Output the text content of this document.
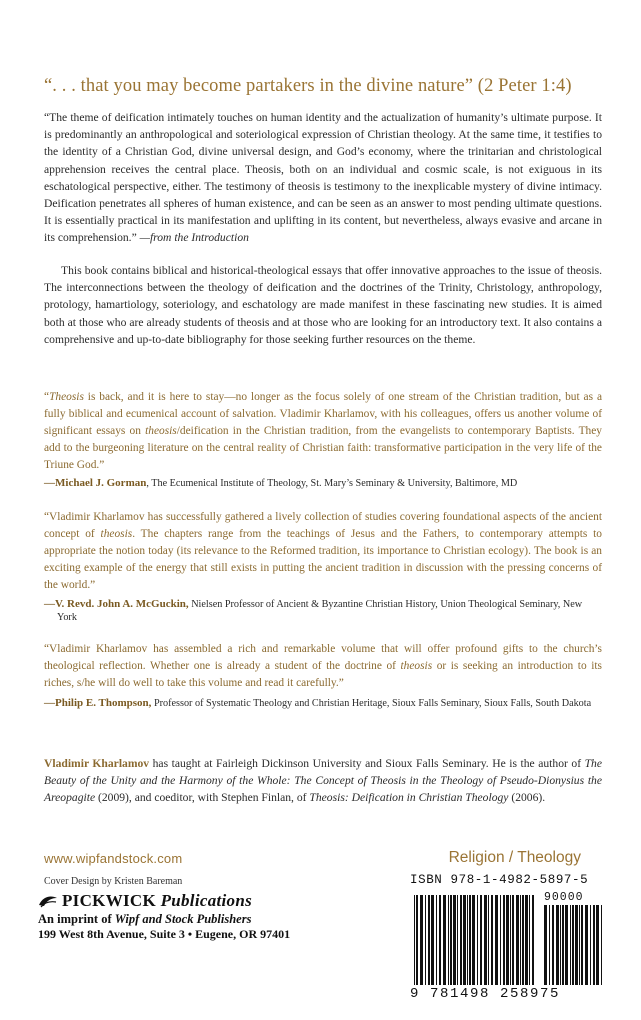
“. . . that you may become partakers in the divine nature” (2 Peter 1:4)
“The theme of deification intimately touches on human identity and the actualization of humanity’s ultimate purpose. It is predominantly an anthropological and soteriological expression of Christian theology. At the same time, it testifies to the identity of a Christian God, divine universal design, and God’s economy, where the trinitarian and christological apprehension receives the central place. Theosis, both on an individual and cosmic scale, is not exiguous in its eschatological perspective, either. The testimony of theosis is testimony to the inexplicable mystery of divine intimacy. Deification penetrates all spheres of human existence, and can be seen as an answer to most pending ultimate questions. It is essentially practical in its manifestation and uplifting in its content, but nevertheless, always evasive and arcane in its comprehension.” —from the Introduction
This book contains biblical and historical-theological essays that offer innovative approaches to the issue of theosis. The interconnections between the theology of deification and the doctrines of the Trinity, Christology, anthropology, protology, hamartiology, soteriology, and eschatology are made manifest in these fascinating new studies. It is aimed both at those who are already students of theosis and at those who are looking for an introductory text. It also contains a comprehensive and up-to-date bibliography for those seeking further resources on the theme.
“Theosis is back, and it is here to stay—no longer as the focus solely of one stream of the Christian tradition, but as a fully biblical and ecumenical account of salvation. Vladimir Kharlamov, with his colleagues, offers us another volume of significant essays on theosis/deification in the Christian tradition, from the evangelists to contemporary Baptists. They add to the burgeoning literature on the central reality of Christian faith: transformative participation in the very life of the Triune God.”
—Michael J. Gorman, The Ecumenical Institute of Theology, St. Mary’s Seminary & University, Baltimore, MD
“Vladimir Kharlamov has successfully gathered a lively collection of studies covering foundational aspects of the ancient concept of theosis. The chapters range from the teachings of Jesus and the Fathers, to contemporary attempts to appropriate the notion today (its relevance to the Reformed tradition, its importance to Christian ecology). The book is an exciting example of the energy that still exists in putting the ancient tradition in discussion with the pressing concerns of the world.”
—V. Revd. John A. McGuckin, Nielsen Professor of Ancient & Byzantine Christian History, Union Theological Seminary, New York
“Vladimir Kharlamov has assembled a rich and remarkable volume that will offer profound gifts to the church’s theological reflection. Whether one is already a student of the doctrine of theosis or is seeking an introduction to its riches, s/he will do well to take this volume and read it carefully.”
—Philip E. Thompson, Professor of Systematic Theology and Christian Heritage, Sioux Falls Seminary, Sioux Falls, South Dakota
Vladimir Kharlamov has taught at Fairleigh Dickinson University and Sioux Falls Seminary. He is the author of The Beauty of the Unity and the Harmony of the Whole: The Concept of Theosis in the Theology of Pseudo-Dionysius the Areopagite (2009), and coeditor, with Stephen Finlan, of Theosis: Deification in Christian Theology (2006).
www.wipfandstock.com	Religion / Theology
Cover Design by Kristen Bareman
PICKWICK Publications
An imprint of Wipf and Stock Publishers
199 West 8th Avenue, Suite 3 • Eugene, OR 97401
ISBN 978-1-4982-5897-5
90000
9 781498 258975
